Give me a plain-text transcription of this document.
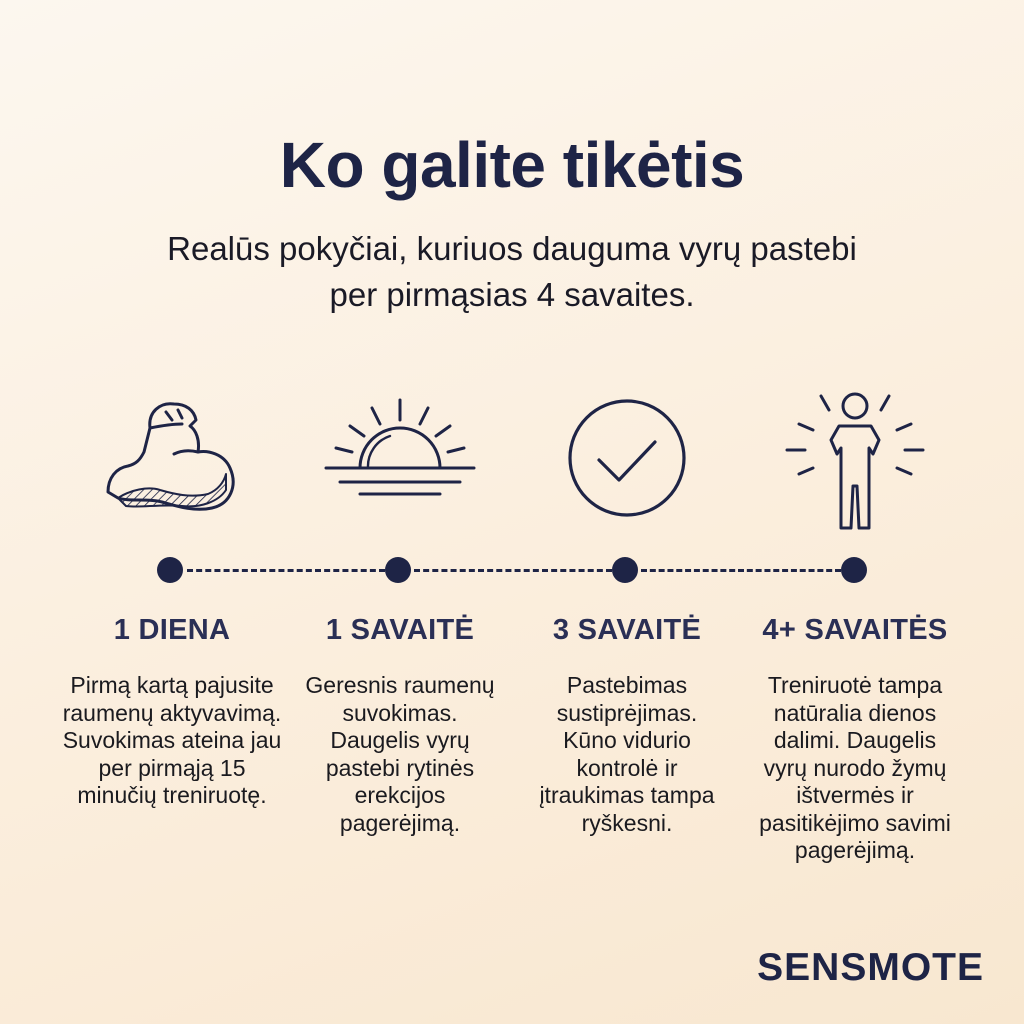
Ko galite tikėtis
Realūs pokyčiai, kuriuos dauguma vyrų pastebi per pirmąsias 4 savaites.
1 DIENA	1 SAVAITĖ	3 SAVAITĖ	4+ SAVAITĖS
Pirmą kartą pajusite raumenų aktyvavimą. Suvokimas ateina jau per pirmąją 15 minučių treniruotę.
Geresnis raumenų suvokimas. Daugelis vyrų pastebi rytinės erekcijos pagerėjimą.
Pastebimas sustiprėjimas. Kūno vidurio kontrolė ir įtraukimas tampa ryškesni.
Treniruotė tampa natūralia dienos dalimi. Daugelis vyrų nurodo žymų ištvermės ir pasitikėjimo savimi pagerėjimą.
SENSMOTE
